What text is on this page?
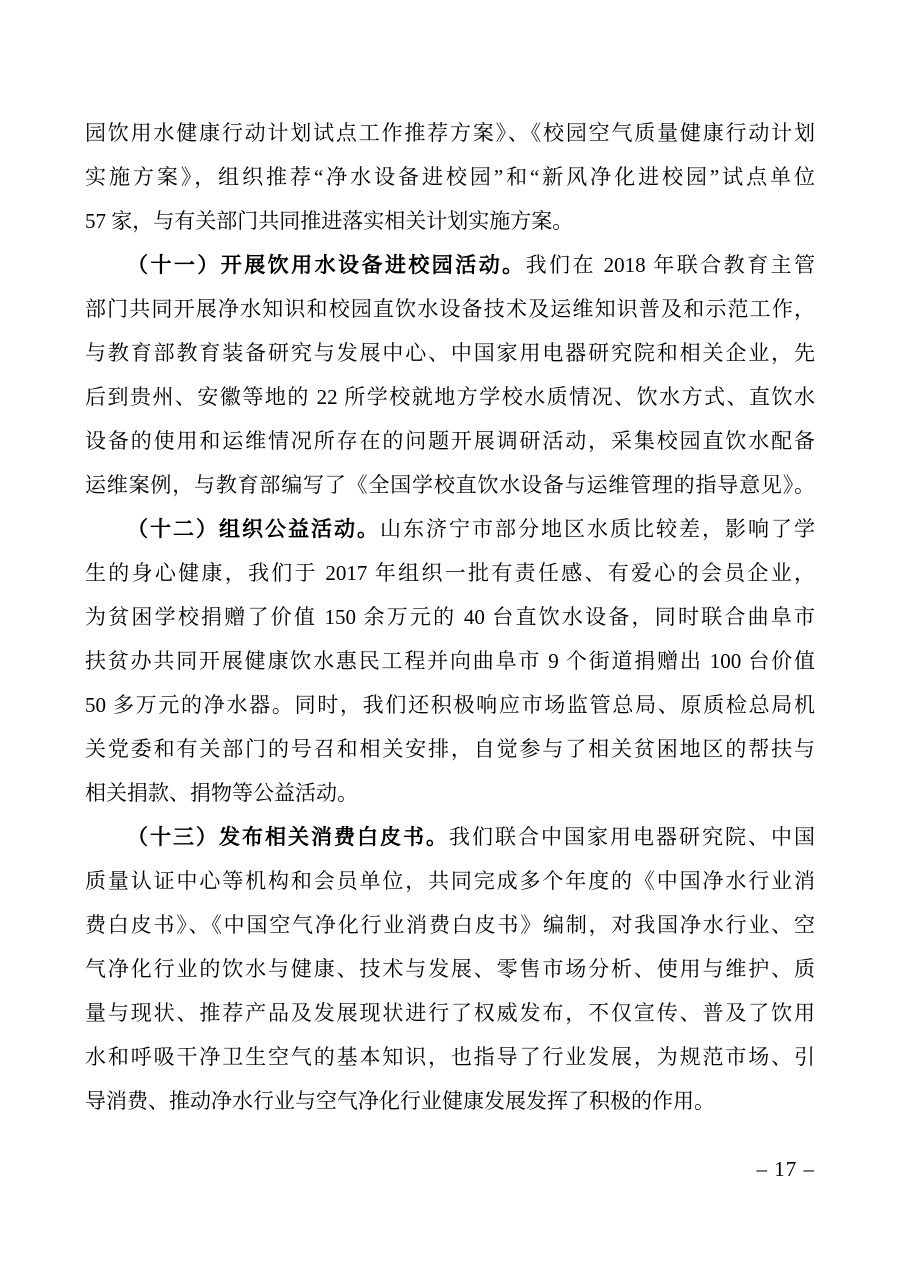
园饮用水健康行动计划试点工作推荐方案》、《校园空气质量健康行动计划
实施方案》，组织推荐“净水设备进校园”和“新风净化进校园”试点单位
57 家，与有关部门共同推进落实相关计划实施方案。
（十一）开展饮用水设备进校园活动。我们在 2018 年联合教育主管
部门共同开展净水知识和校园直饮水设备技术及运维知识普及和示范工作，
与教育部教育装备研究与发展中心、中国家用电器研究院和相关企业，先
后到贵州、安徽等地的 22 所学校就地方学校水质情况、饮水方式、直饮水
设备的使用和运维情况所存在的问题开展调研活动，采集校园直饮水配备
运维案例，与教育部编写了《全国学校直饮水设备与运维管理的指导意见》。
（十二）组织公益活动。山东济宁市部分地区水质比较差，影响了学
生的身心健康，我们于 2017 年组织一批有责任感、有爱心的会员企业，
为贫困学校捐赠了价值 150 余万元的 40 台直饮水设备，同时联合曲阜市
扶贫办共同开展健康饮水惠民工程并向曲阜市 9 个街道捐赠出 100 台价值
50 多万元的净水器。同时，我们还积极响应市场监管总局、原质检总局机
关党委和有关部门的号召和相关安排，自觉参与了相关贫困地区的帮扶与
相关捐款、捐物等公益活动。
（十三）发布相关消费白皮书。我们联合中国家用电器研究院、中国
质量认证中心等机构和会员单位，共同完成多个年度的《中国净水行业消
费白皮书》、《中国空气净化行业消费白皮书》编制，对我国净水行业、空
气净化行业的饮水与健康、技术与发展、零售市场分析、使用与维护、质
量与现状、推荐产品及发展现状进行了权威发布，不仅宣传、普及了饮用
水和呼吸干净卫生空气的基本知识，也指导了行业发展，为规范市场、引
导消费、推动净水行业与空气净化行业健康发展发挥了积极的作用。
– 17 –
